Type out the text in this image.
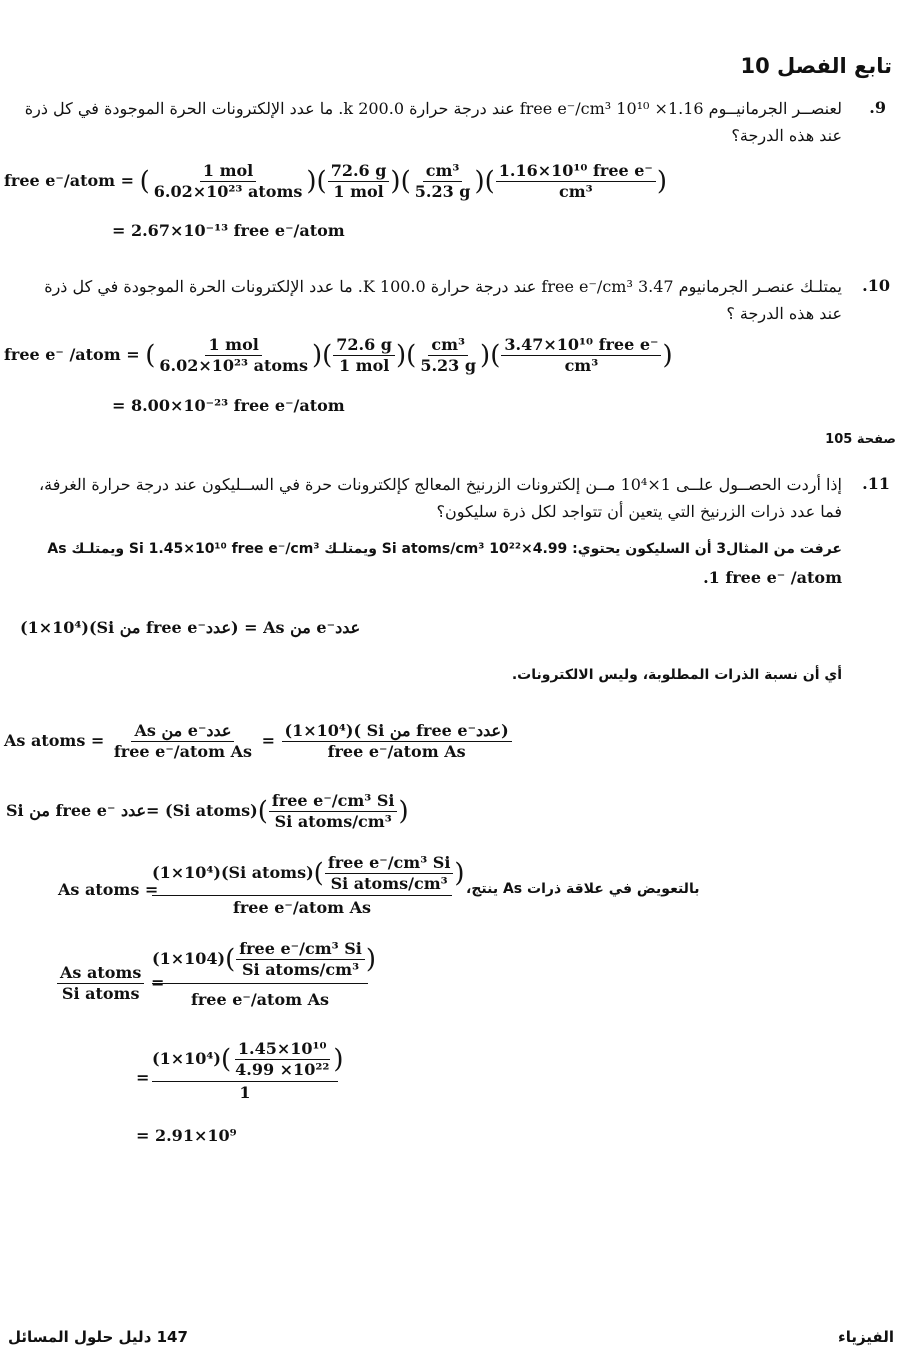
تابع الفصل 10
.9
لعنصــر الجرمانيــوم 1.16× 10¹⁰ free e⁻/cm³ عند درجة حرارة 200.0 k. ما عدد الإلكترونات الحرة الموجودة في كل ذرة
عند هذه الدرجة؟
free e⁻/atom = ( $\frac{\text{1 mol}}{\text{6.02×10²³ atoms}}$ )( $\frac{72.6 g}{\text{1 mol}}$ )( $\frac{\text{cm³}}{5.23 g}$ )( $\frac{\text{1.16×10¹⁰ free e⁻}}{\text{cm³}}$ )
= 2.67×10⁻¹³ free e⁻/atom
.10
يمتلـك عنصـر الجرمانيوم 3.47 free e⁻/cm³ عند درجة حرارة 100.0 K. ما عدد الإلكترونات الحرة الموجودة في كل ذرة
عند هذه الدرجة ؟
free e⁻ /atom = ( $\frac{\text{1 mol}}{\text{6.02×10²³ atoms}}$ )( $\frac{72.6 g}{\text{1 mol}}$ )( $\frac{\text{cm³}}{5.23 g}$ )( $\frac{\text{3.47×10¹⁰ free e⁻}}{\text{cm³}}$ )
= 8.00×10⁻²³ free e⁻/atom
صفحة 105
.11
إذا أردت الحصــول علــى 1×10⁴ مــن إلكترونات الزرنيخ المعالج كإلكترونات حرة في الســليكون عند درجة حرارة الغرفة،
فما عدد ذرات الزرنيخ التي يتعين أن تتواجد لكل ذرة سليكون؟
عرفت من المثال3 أن السليكون يحتوي: 4.99×10²² Si atoms/cm³ ويمتلـك Si 1.45×10¹⁰ free e⁻/cm³ ويمتلـك As
.1 free e⁻ /atom
(1×10⁴)(Si من free e⁻عدد) = As من e⁻عدد
أي أن نسبة الذرات المطلوبة، وليس الالكترونات.
As atoms = $\frac{\text{As من e⁻عدد}}{\text{free e⁻/atom As}} = \frac{\text{(1×10⁴)( Si من free e⁻عدد)}}{\text{free e⁻/atom As}}$
Si من free e⁻ عدد= (Si atoms)( $\frac{\text{free e⁻/cm³ Si}}{\text{Si atoms/cm³}}$ )
As atoms =
(1×10⁴)(Si atoms)( $\frac{\text{free e⁻/cm³ Si}}{\text{Si atoms/cm³}}$ )
free e⁻/atom As
بالتعويض في علاقة ذرات As ينتج،
$\frac{\text{As atoms}}{\text{Si atoms}}$ =
$(1\times 104)( \frac{\text{free e⁻/cm³ Si}}{\text{Si atoms/cm³}}$ )
free e⁻/atom As
= $\frac{(1\times 10^4)( \frac{\text{1.45×10¹⁰}}{\text{4.99 ×10²²}} )}{1}$
= 2.91×10⁹
147 دليل حلول المسائل	الفيزياء
